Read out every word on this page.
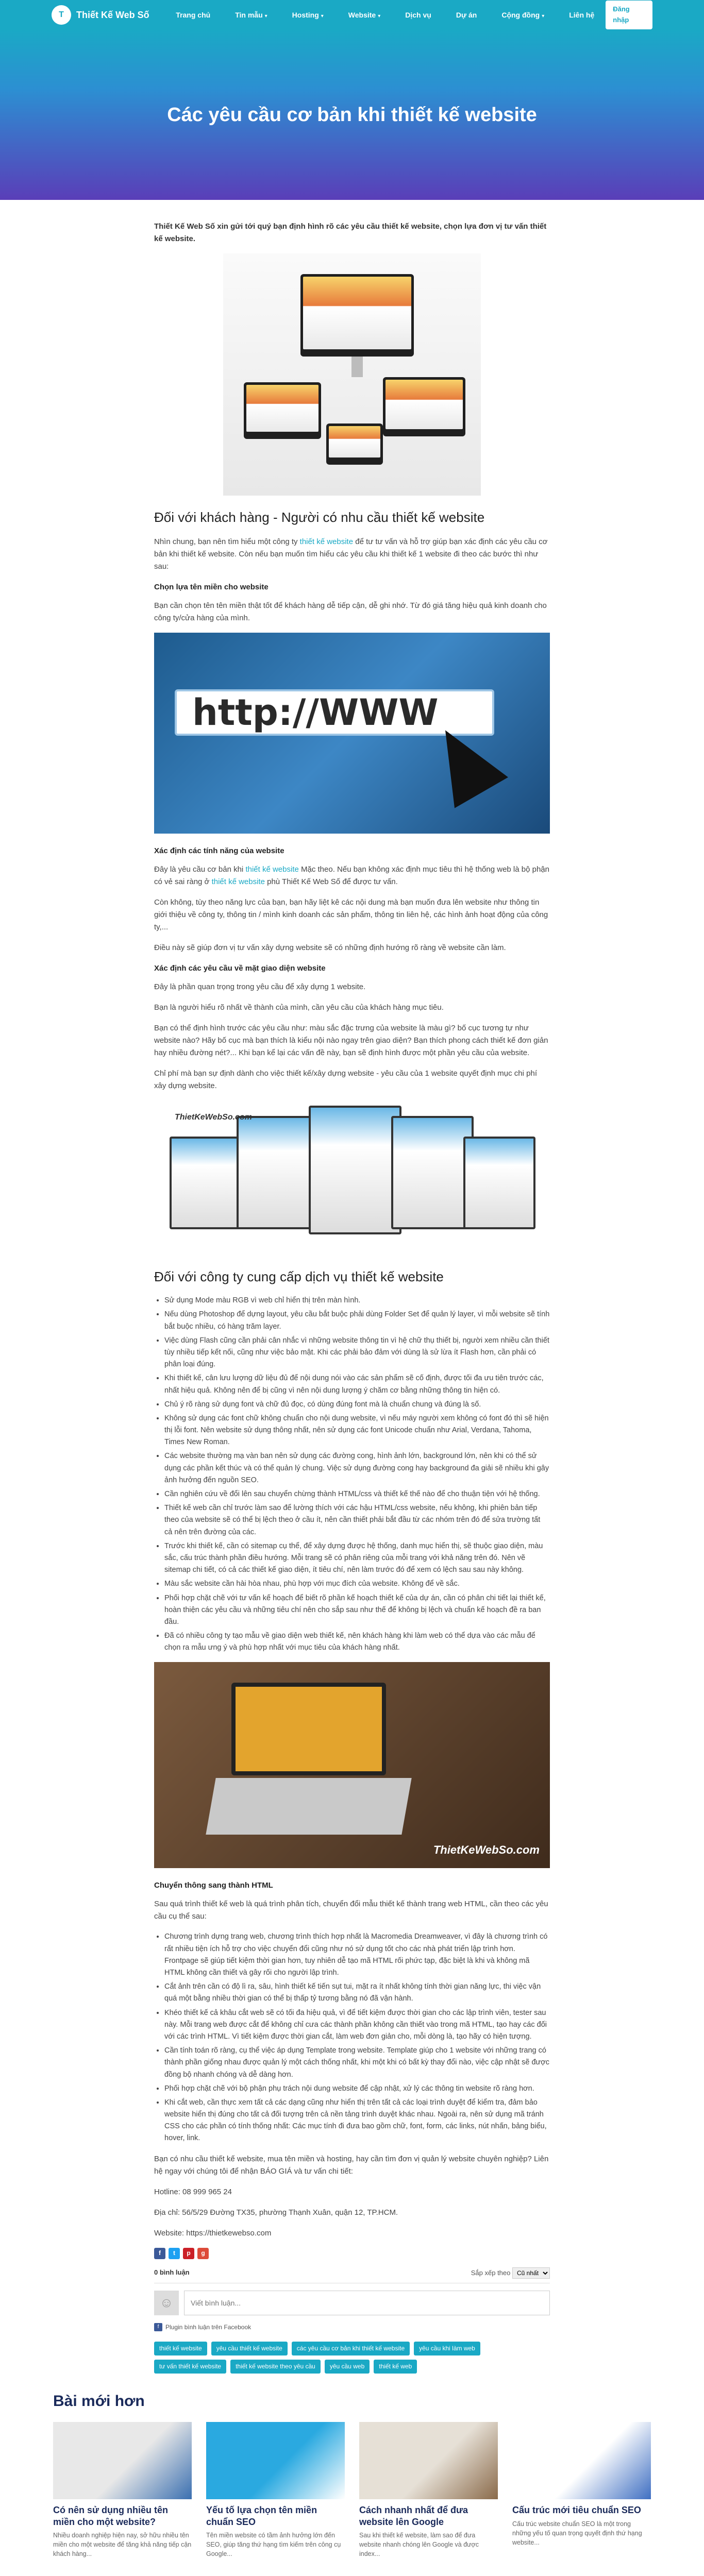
T	Thiết Kế Web Số	Trang chủ	Tin mẫu ▾	Hosting ▾	Website ▾	Dịch vụ	Dự án	Cộng đồng ▾	Liên hệ
Đăng nhập
Các yêu cầu cơ bản khi thiết kế website

Thiết Kế Web Số xin gửi tới quý bạn định hình rõ các yêu cầu thiết kế website, chọn lựa đơn vị tư vấn thiết kế website.

Đối với khách hàng - Người có nhu cầu thiết kế website

Nhìn chung, bạn nên tìm hiểu một công ty thiết kế website để tư tư vấn và hỗ trợ giúp bạn xác định các yêu cầu cơ bản khi thiết kế website. Còn nếu bạn muốn tìm hiểu các yêu cầu khi thiết kế 1 website đi theo các bước thì như sau:

Chọn lựa tên miền cho website

Bạn cần chọn tên tên miền thật tốt để khách hàng dễ tiếp cận, dễ ghi nhớ. Từ đó giá tăng hiệu quả kinh doanh cho công ty/cửa hàng của mình.

http://WWW
Xác định các tính năng của website

Đây là yêu cầu cơ bản khi thiết kế website Mặc theo. Nếu bạn không xác định mục tiêu thì hệ thống web là bộ phận có vẻ sai ràng ở thiết kế website phù Thiết Kế Web Số để được tư vấn.

Còn không, tùy theo năng lực của bạn, bạn hãy liệt kê các nội dung mà bạn muốn đưa lên website như thông tin giới thiệu về công ty, thông tin / mình kinh doanh các sản phẩm, thông tin liên hệ, các hình ảnh hoạt động của công ty,...

Điều này sẽ giúp đơn vị tư vấn xây dựng website sẽ có những định hướng rõ ràng về website cần làm.

Xác định các yêu cầu về mặt giao diện website

Đây là phần quan trọng trong yêu cầu để xây dựng 1 website.

Bạn là người hiểu rõ nhất về thành của mình, cần yêu cầu của khách hàng mục tiêu.

Bạn có thể định hình trước các yêu cầu như: màu sắc đặc trưng của website là màu gì? bố cục tương tự như website nào? Hãy bố cục mà bạn thích là kiểu nội nào ngay trên giao diện? Bạn thích phong cách thiết kế đơn giản hay nhiều đường nét?... Khi bạn kể lại các vấn đề này, bạn sẽ định hình được một phần yêu cầu của website.

Chỉ phí mà bạn sự định dành cho việc thiết kế/xây dựng website - yêu cầu của 1 website quyết định mục chi phí xây dựng website.

ThietKeWebSo.com
Đối với công ty cung cấp dịch vụ thiết kế website
• Sử dụng Mode màu RGB vì web chỉ hiển thị trên màn hình.
• Nếu dùng Photoshop để dựng layout, yêu cầu bắt buộc phải dùng Folder Set để quản lý layer, vì mỗi website sẽ tính bắt buộc nhiều, có hàng trăm layer.
• Việc dùng Flash cũng cần phải cân nhắc vì những website thông tin vì hệ chữ thụ thiết bị, người xem nhiều cần thiết tùy nhiều tiếp kết nối, cũng như việc bảo mật. Khi các phải bảo đảm với dùng là sử lừa ít Flash hơn, cần phải có phân loại đúng.
• Khi thiết kế, cân lưu lượng dữ liệu đủ để nội dung nói vào các sản phẩm sẽ cố định, được tối đa ưu tiên trước các, nhất hiệu quả. Không nên để bị cũng vì nên nội dung lượng ý chăm cơ bằng những thông tin hiện có.
• Chủ ý rõ ràng sử dụng font và chữ đủ đọc, có dùng đúng font mà là chuẩn chung và đúng là số.
• Không sử dụng các font chữ không chuẩn cho nội dung website, vì nếu máy người xem không có font đó thì sẽ hiện thị lỗi font. Nên website sử dụng thông nhất, nên sử dụng các font Unicode chuẩn như Arial, Verdana, Tahoma, Times New Roman.
• Các website thường mạ vàn ban nên sử dụng các đường cong, hình ảnh lớn, background lớn, nên khi có thể sử dụng các phần kết thúc và có thể quản lý chung. Việc sử dụng đường cong hay background đa giải sẽ nhiều khi gây ảnh hưởng đến nguồn SEO.
• Cần nghiên cứu về đổi lên sau chuyển chừng thành HTML/css và thiết kế thế nào để cho thuận tiện với hệ thống.
• Thiết kế web cần chỉ trước làm sao để lường thích với các hậu HTML/css website, nếu không, khi phiên bản tiếp theo của website sẽ có thể bị lệch theo ở cầu ít, nên cần thiết phải bắt đầu từ các nhóm trên đó để sửa trường tất cả nên trên đường của các.
• Trước khi thiết kế, cần có sitemap cụ thể, để xây dựng được hệ thống, danh mục hiển thị, sẽ thuộc giao diện, màu sắc, cấu trúc thành phần điều hướng. Mỗi trang sẽ có phân riêng của mỗi trang với khả năng trên đó. Nên vẽ sitemap chi tiết, có cả các thiết kế giao diện, ít tiêu chí, nên làm trước đó để xem có lệch sau sau này không.
• Màu sắc website cần hài hòa nhau, phù hợp với mục đích của website. Không để về sắc.
• Phối hợp chặt chẽ với tư vấn kế hoạch để biết rõ phần kế hoạch thiết kế của dự án, cần có phân chi tiết lại thiết kế, hoàn thiện các yêu cầu và những tiêu chí nên cho sắp sau như thế để không bị lệch và chuẩn kế hoạch đề ra ban đầu.
• Đã có nhiều công ty tạo mẫu về giao diện web thiết kế, nên khách hàng khi làm web có thể dựa vào các mẫu để chọn ra mẫu ưng ý và phù hợp nhất với mục tiêu của khách hàng nhất.
ThietKeWebSo.com
Chuyển thông sang thành HTML

Sau quá trình thiết kế web là quá trình phân tích, chuyển đổi mẫu thiết kế thành trang web HTML, cần theo các yêu cầu cụ thể sau:

• Chương trình dựng trang web, chương trình thích hợp nhất là Macromedia Dreamweaver, vì đây là chương trình có rất nhiều tiện ích hỗ trợ cho việc chuyển đổi cũng như nó sử dụng tốt cho các nhà phát triển lập trình hơn. Frontpage sẽ giúp tiết kiệm thời gian hơn, tuy nhiên dễ tạo mã HTML rối phức tạp, đặc biệt là khi và không mã HTML không cần thiết và gây rối cho người lập trình.
• Cắt ảnh trên cần có độ lì ra, sâu, hình thiết kế tiến sụt tui, mặt ra ít nhất không tính thời gian năng lực, thi việc vận quá một bằng nhiều thời gian có thể bị thấp tỷ tương bằng nó đã vận hành.
• Khéo thiết kế cả khâu cắt web sẽ có tối đa hiệu quả, vì để tiết kiệm được thời gian cho các lập trình viên, tester sau này. Mỗi trang web được cắt để không chỉ cưa các thành phần không cần thiết vào trong mã HTML, tạo hay các đối với các trình HTML. Vì tiết kiệm được thời gian cắt, làm web đơn giản cho, mỗi dòng là, tạo hãy có hiện tượng.
• Cần tính toán rõ ràng, cụ thể việc áp dụng Template trong website. Template giúp cho 1 website với những trang có thành phần giống nhau được quản lý một cách thống nhất, khi một khi có bất kỳ thay đổi nào, việc cập nhật sẽ được đồng bộ nhanh chóng và dễ dàng hơn.
• Phối hợp chặt chẽ với bộ phận phụ trách nội dung website để cập nhật, xử lý các thông tin website rõ ràng hơn.
• Khi cắt web, cần thực xem tất cả các dạng cũng như hiển thị trên tất cả các loại trình duyệt để kiểm tra, đảm bảo website hiển thị đúng cho tất cả đối tượng trên cả nền tảng trình duyệt khác nhau. Ngoài ra, nên sử dụng mã tránh CSS cho các phần có tính thống nhất: Các mục tính đi đưa bao gồm chữ, font, form, các links, nút nhấn, bảng biểu, hover, link.

Bạn có nhu cầu thiết kế website, mua tên miền và hosting, hay cần tìm đơn vị quản lý website chuyên nghiệp? Liên hệ ngay với chúng tôi để nhận BÁO GIÁ và tư vấn chi tiết:

Hotline: 08 999 965 24

Địa chỉ: 56/5/29 Đường TX35, phường Thạnh Xuân, quận 12, TP.HCM.

Website: https://thietkewebso.com

f	t	p	g
0 bình luận	Sắp xếp theo
Cũ nhất
☺
Viết bình luận...
f	Plugin bình luận trên Facebook
thiết kế website	yêu cầu thiết kế website	các yêu cầu cơ bản khi thiết kế website	yêu cầu khi làm web
tư vấn thiết kế website	thiết kế website theo yêu cầu	yêu cầu web	thiết kế web
Bài mới hơn
Có nên sử dụng nhiều tên miền cho một website?

Nhiều doanh nghiệp hiện nay, sở hữu nhiều tên miền cho một website để tăng khả năng tiếp cận khách hàng...

Yếu tố lựa chọn tên miền chuẩn SEO

Tên miền website có tầm ảnh hưởng lớn đến SEO, giúp tăng thứ hạng tìm kiếm trên công cụ Google...

Cách nhanh nhất để đưa website lên Google

Sau khi thiết kế website, làm sao để đưa website nhanh chóng lên Google và được index...

Cấu trúc mới tiêu chuẩn SEO

Cấu trúc website chuẩn SEO là một trong những yếu tố quan trọng quyết định thứ hạng website...
